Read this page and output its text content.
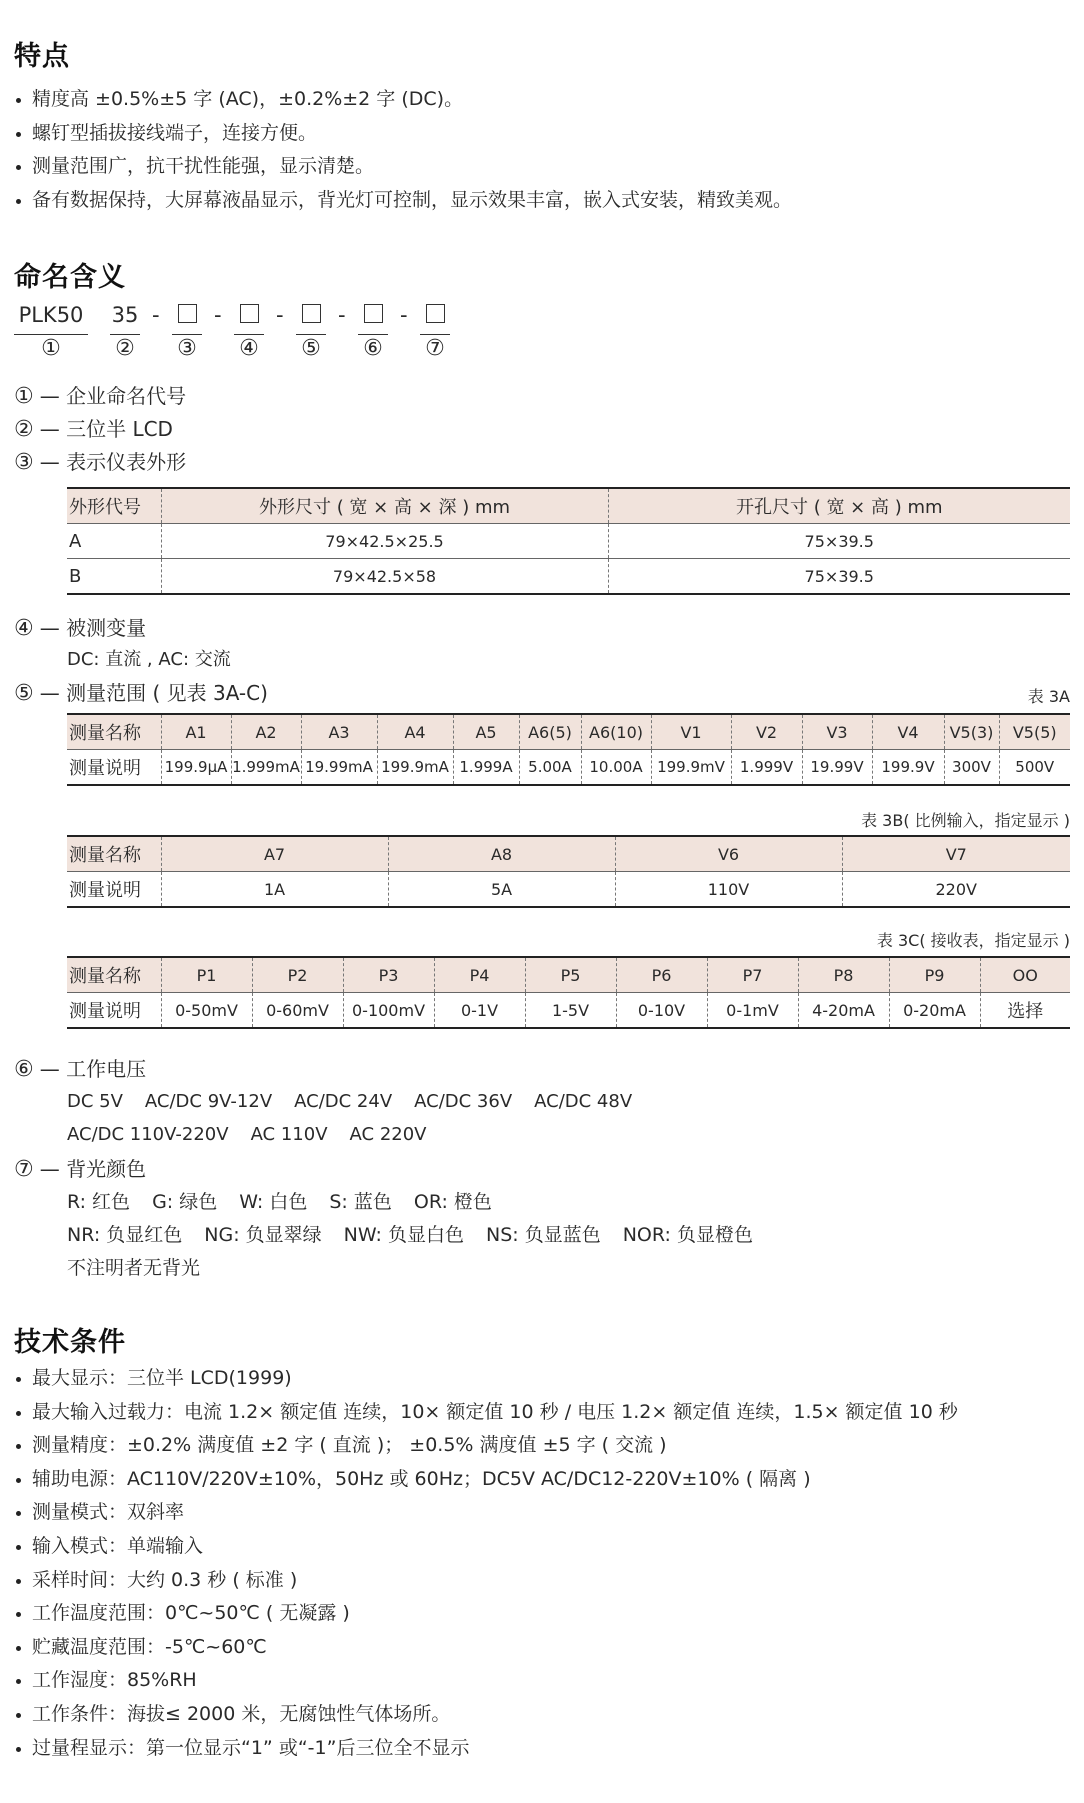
特点
精度高 ±0.5%±5 字 (AC)，±0.2%±2 字 (DC)。
螺钉型插拔接线端子，连接方便。
测量范围广，抗干扰性能强，显示清楚。
备有数据保持，大屏幕液晶显示，背光灯可控制，显示效果丰富，嵌入式安装，精致美观。
命名含义
PLK50
①
35
②
-
③
-
④
-
⑤
-
⑥
-
⑦
① — 企业命名代号
② — 三位半 LCD
③ — 表示仪表外形
外形代号	外形尺寸 ( 宽 × 高 × 深 ) mm	开孔尺寸 ( 宽 × 高 ) mm
A	79×42.5×25.5	75×39.5
B	79×42.5×58	75×39.5
④ — 被测变量
DC: 直流 , AC: 交流
⑤ — 测量范围 ( 见表 3A-C)	表 3A
测量名称	A1	A2	A3	A4	A5	A6(5)	A6(10)	V1	V2	V3	V4	V5(3)	V5(5)
测量说明	199.9μA	1.999mA	19.99mA	199.9mA	1.999A	5.00A	10.00A	199.9mV	1.999V	19.99V	199.9V	300V	500V
表 3B( 比例输入，指定显示 )
测量名称	A7	A8	V6	V7
测量说明	1A	5A	110V	220V
表 3C( 接收表，指定显示 )
测量名称	P1	P2	P3	P4	P5	P6	P7	P8	P9	OO
测量说明	0-50mV	0-60mV	0-100mV	0-1V	1-5V	0-10V	0-1mV	4-20mA	0-20mA	选择
⑥ — 工作电压
DC 5V AC/DC 9V-12V AC/DC 24V AC/DC 36V AC/DC 48V
AC/DC 110V-220V AC 110V AC 220V
⑦ — 背光颜色
R: 红色 G: 绿色 W: 白色 S: 蓝色 OR: 橙色
NR: 负显红色 NG: 负显翠绿 NW: 负显白色 NS: 负显蓝色 NOR: 负显橙色
不注明者无背光
技术条件
最大显示：三位半 LCD(1999)
最大输入过载力：电流 1.2× 额定值 连续，10× 额定值 10 秒 / 电压 1.2× 额定值 连续，1.5× 额定值 10 秒
测量精度：±0.2% 满度值 ±2 字 ( 直流 )； ±0.5% 满度值 ±5 字 ( 交流 )
辅助电源：AC110V/220V±10%，50Hz 或 60Hz；DC5V AC/DC12-220V±10% ( 隔离 )
测量模式：双斜率
输入模式：单端输入
采样时间：大约 0.3 秒 ( 标准 )
工作温度范围：0℃~50℃ ( 无凝露 )
贮藏温度范围：-5℃~60℃
工作湿度：85%RH
工作条件：海拔≤ 2000 米，无腐蚀性气体场所。
过量程显示：第一位显示“1” 或“-1”后三位全不显示
